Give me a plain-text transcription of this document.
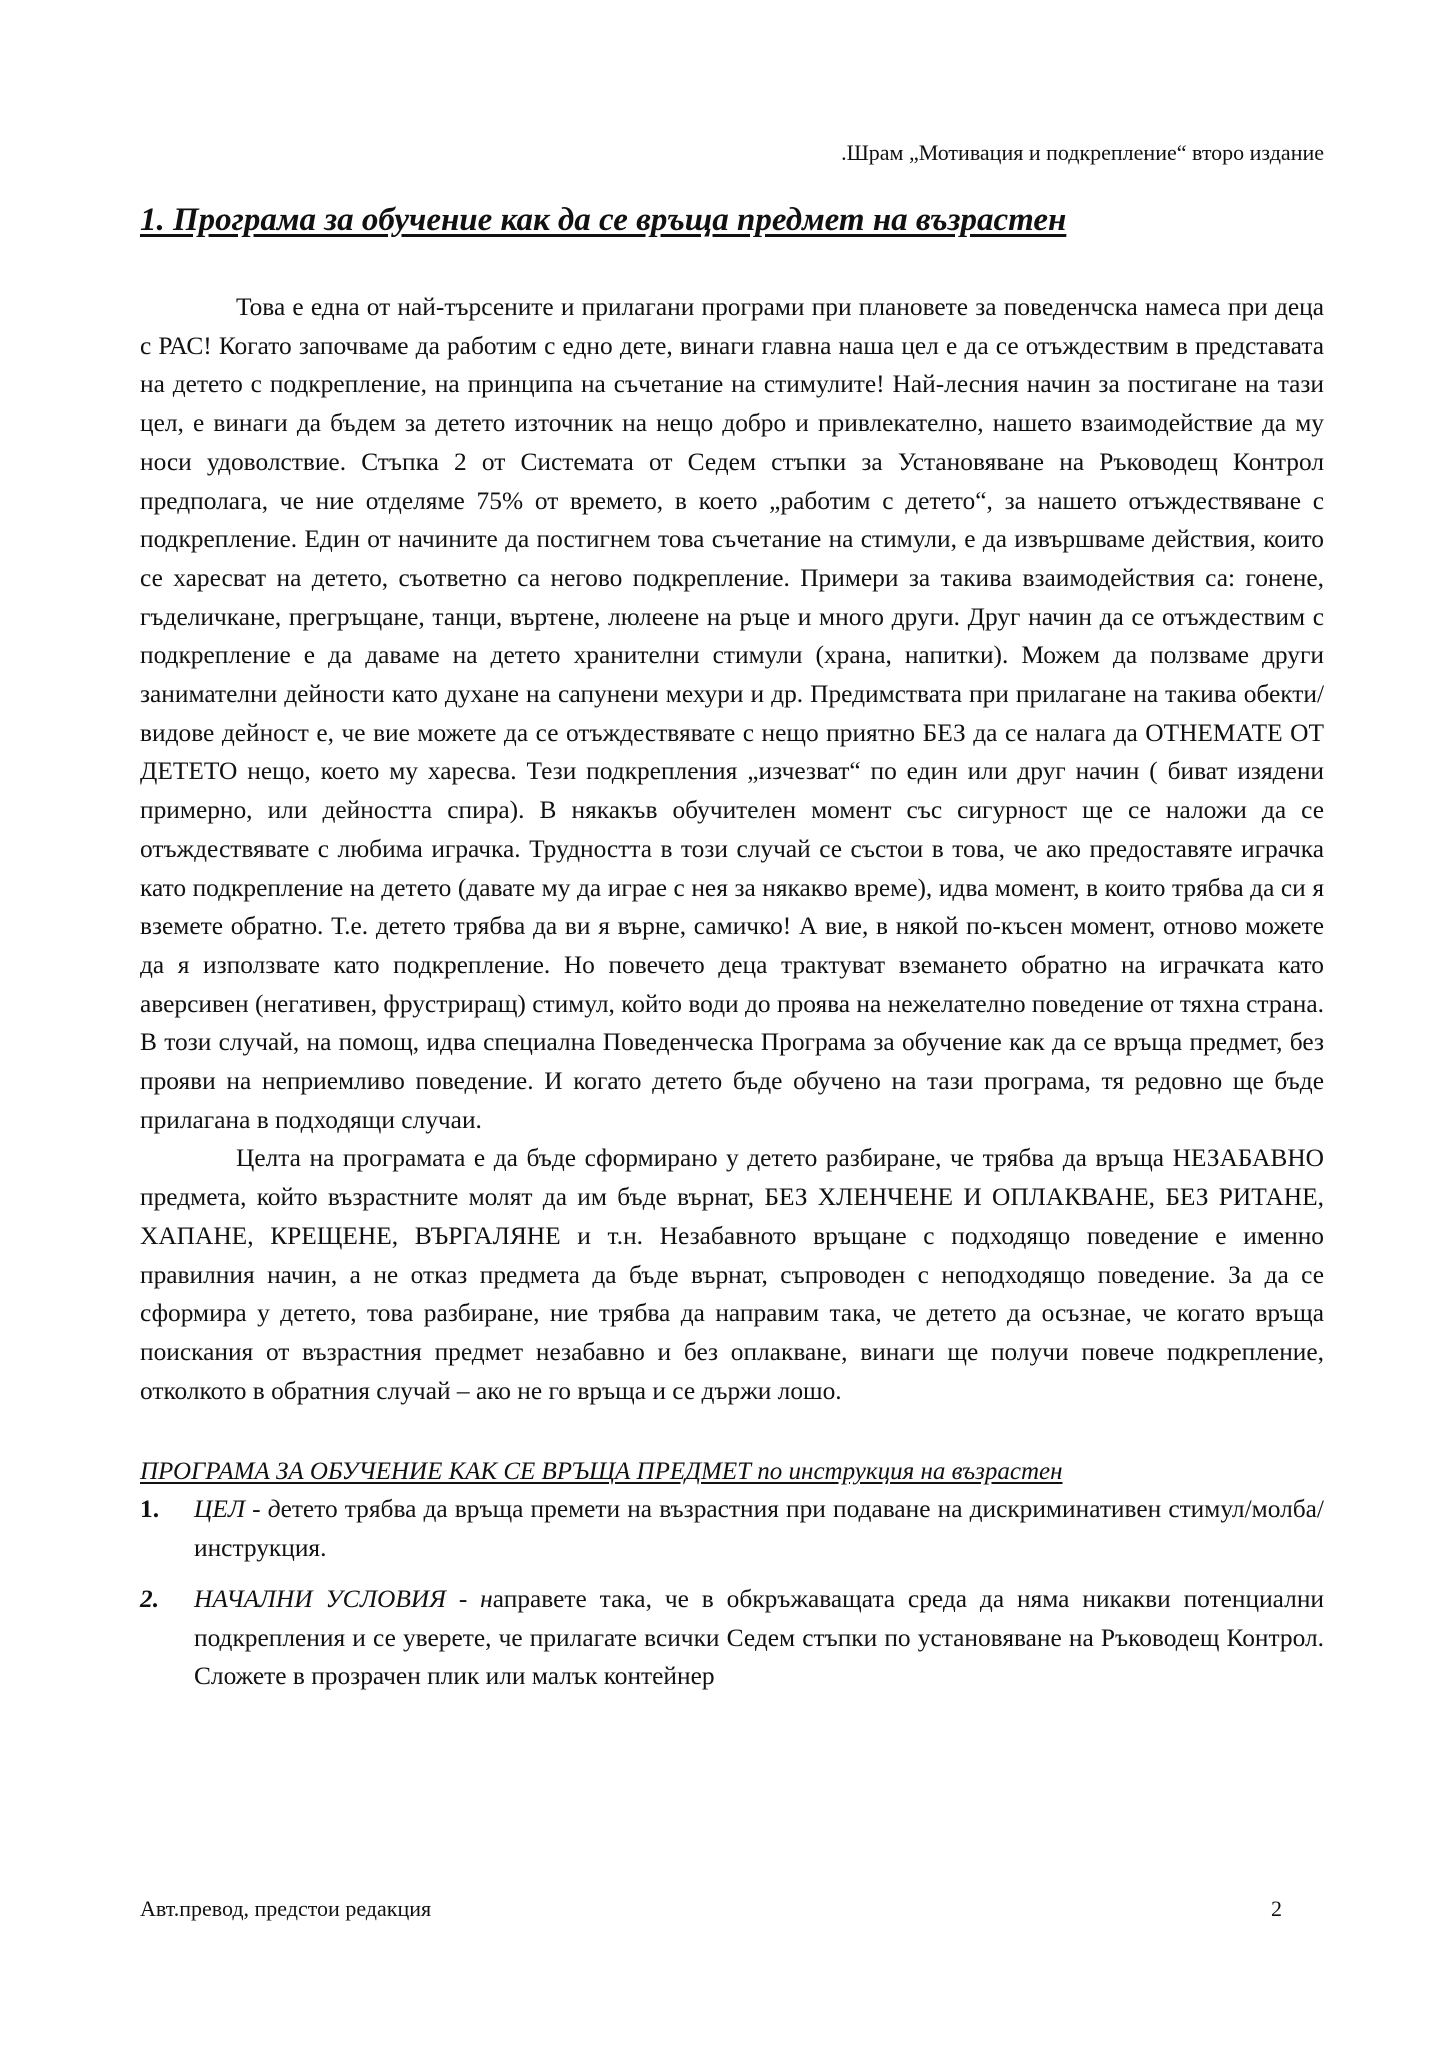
.Шрам „Мотивация и подкрепление“ второ издание
1. Програма за обучение как да се връща предмет на възрастен

Това е една от най-търсените и прилагани програми при плановете за поведенчска намеса при деца с РАС! Когато започваме да работим с едно дете, винаги главна наша цел е да се отъждествим в представата на детето с подкрепление, на принципа на съчетание на стимулите! Най-лесния начин за постигане на тази цел, е винаги да бъдем за детето източник на нещо добро и привлекателно, нашето взаимодействие да му носи удоволствие. Стъпка 2 от Системата от Седем стъпки за Установяване на Ръководещ Контрол предполага, че ние отделяме 75% от времето, в което „работим с детето“, за нашето отъждествяване с подкрепление. Един от начините да постигнем това съчетание на стимули, е да извършваме действия, които се харесват на детето, съответно са негово подкрепление. Примери за такива взаимодействия са: гонене, гъделичкане, прегръщане, танци, въртене, люлеене на ръце и много други. Друг начин да се отъждествим с подкрепление е да даваме на детето хранителни стимули (храна, напитки). Можем да ползваме други занимателни дейности като духане на сапунени мехури и др. Предимствата при прилагане на такива обекти/видове дейност е, че вие можете да се отъждествявате с нещо приятно БЕЗ да се налага да ОТНЕМАТЕ ОТ ДЕТЕТО нещо, което му харесва. Тези подкрепления „изчезват“ по един или друг начин ( биват изядени примерно, или дейността спира). В някакъв обучителен момент със сигурност ще се наложи да се отъждествявате с любима играчка. Трудността в този случай се състои в това, че ако предоставяте играчка като подкрепление на детето (давате му да играе с нея за някакво време), идва момент, в които трябва да си я вземете обратно. Т.е. детето трябва да ви я върне, самичко! А вие, в някой по-късен момент, отново можете да я използвате като подкрепление. Но повечето деца трактуват вземането обратно на играчката като аверсивен (негативен, фрустриращ) стимул, който води до проява на нежелателно поведение от тяхна страна. В този случай, на помощ, идва специална Поведенческа Програма за обучение как да се връща предмет, без прояви на неприемливо поведение. И когато детето бъде обучено на тази програма, тя редовно ще бъде прилагана в подходящи случаи.

Целта на програмата е да бъде сформирано у детето разбиране, че трябва да връща НЕЗАБАВНО предмета, който възрастните молят да им бъде върнат, БЕЗ ХЛЕНЧЕНЕ И ОПЛАКВАНЕ, БЕЗ РИТАНЕ, ХАПАНЕ, КРЕЩЕНЕ, ВЪРГАЛЯНЕ и т.н. Незабавното връщане с подходящо поведение е именно правилния начин, а не отказ предмета да бъде върнат, съпроводен с неподходящо поведение. За да се сформира у детето, това разбиране, ние трябва да направим така, че детето да осъзнае, че когато връща поискания от възрастния предмет незабавно и без оплакване, винаги ще получи повече подкрепление, отколкото в обратния случай – ако не го връща и се държи лошо.

ПРОГРАМА ЗА ОБУЧЕНИЕ КАК СЕ ВРЪЩА ПРЕДМЕТ по инструкция на възрастен
1.	ЦЕЛ - детето трябва да връща премети на възрастния при подаване на дискриминативен стимул/молба/инструкция.
2.	НАЧАЛНИ УСЛОВИЯ - направете така, че в обкръжаващата среда да няма никакви потенциални подкрепления и се уверете, че прилагате всички Седем стъпки по установяване на Ръководещ Контрол. Сложете в прозрачен плик или малък контейнер
Авт.превод, предстои редакция	2
